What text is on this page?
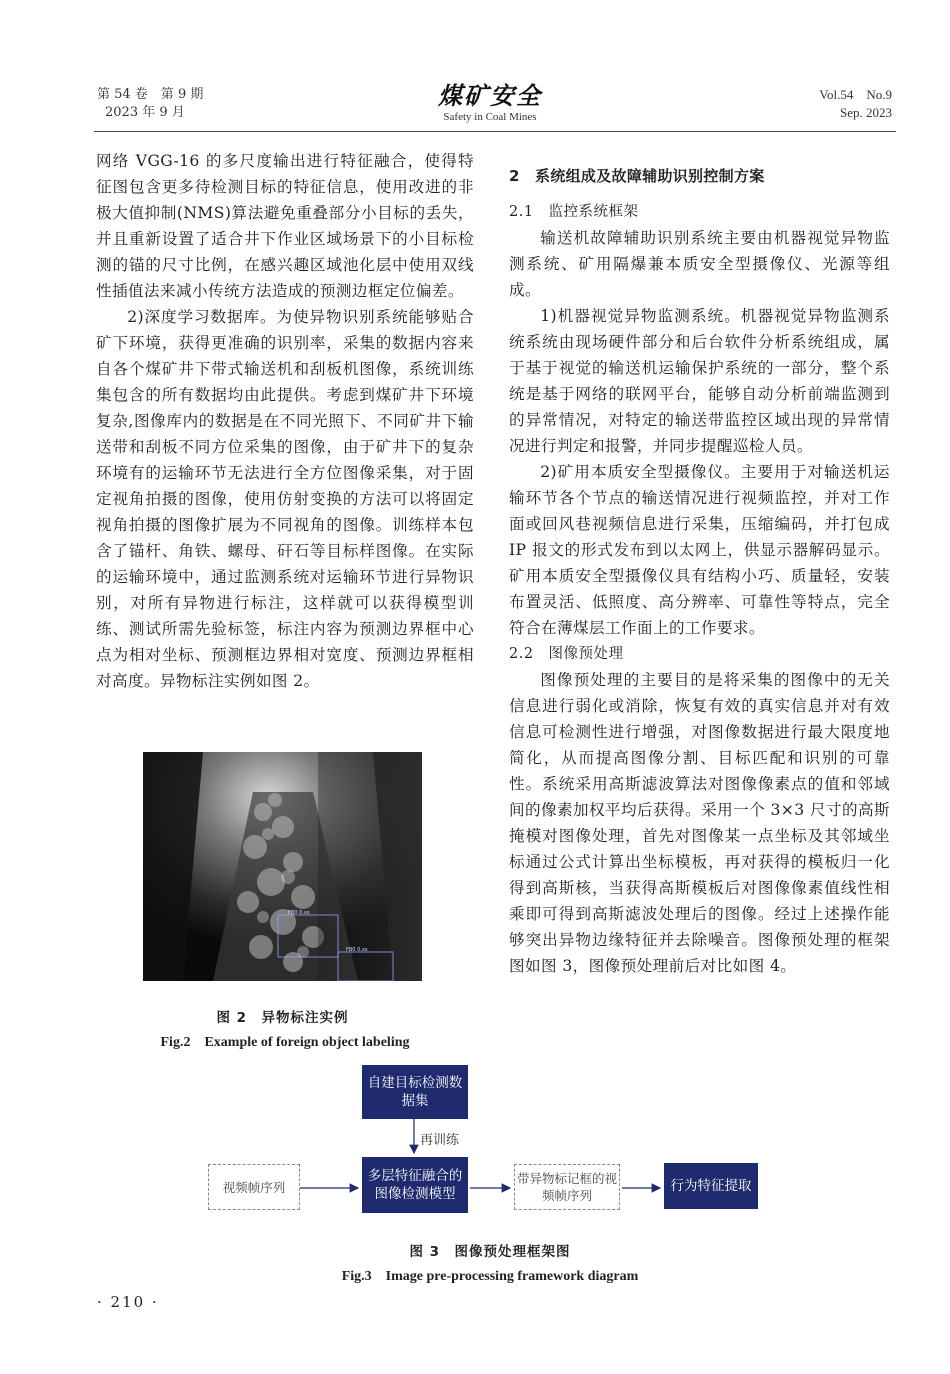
第 54 卷　第 9 期
2023 年 9 月
煤矿安全
Safety in Coal Mines
Vol.54　No.9
Sep. 2023

网络 VGG-16 的多尺度输出进行特征融合，使得特征图包含更多待检测目标的特征信息，使用改进的非极大值抑制(NMS)算法避免重叠部分小目标的丢失，并且重新设置了适合井下作业区域场景下的小目标检测的锚的尺寸比例，在感兴趣区域池化层中使用双线性插值法来减小传统方法造成的预测边框定位偏差。

2)深度学习数据库。为使异物识别系统能够贴合矿下环境，获得更准确的识别率，采集的数据内容来自各个煤矿井下带式输送机和刮板机图像，系统训练集包含的所有数据均由此提供。考虑到煤矿井下环境复杂,图像库内的数据是在不同光照下、不同矿井下输送带和刮板不同方位采集的图像，由于矿井下的复杂环境有的运输环节无法进行全方位图像采集，对于固定视角拍摄的图像，使用仿射变换的方法可以将固定视角拍摄的图像扩展为不同视角的图像。训练样本包含了锚杆、角铁、螺母、矸石等目标样图像。在实际的运输环境中，通过监测系统对运输环节进行异物识别，对所有异物进行标注，这样就可以获得模型训练、测试所需先验标签，标注内容为预测边界框中心点为相对坐标、预测框边界相对宽度、预测边界框相对高度。异物标注实例如图 2。

FB0 0.xx
FB0 0.xx
图 2　异物标注实例
Fig.2　Example of foreign object labeling

2　系统组成及故障辅助识别控制方案

2.1　监控系统框架

输送机故障辅助识别系统主要由机器视觉异物监测系统、矿用隔爆兼本质安全型摄像仪、光源等组成。

1)机器视觉异物监测系统。机器视觉异物监测系统系统由现场硬件部分和后台软件分析系统组成，属于基于视觉的输送机运输保护系统的一部分，整个系统是基于网络的联网平台，能够自动分析前端监测到的异常情况，对特定的输送带监控区域出现的异常情况进行判定和报警，并同步提醒巡检人员。

2)矿用本质安全型摄像仪。主要用于对输送机运输环节各个节点的输送情况进行视频监控，并对工作面或回风巷视频信息进行采集，压缩编码，并打包成 IP 报文的形式发布到以太网上，供显示器解码显示。矿用本质安全型摄像仪具有结构小巧、质量轻，安装布置灵活、低照度、高分辨率、可靠性等特点，完全符合在薄煤层工作面上的工作要求。

2.2　图像预处理

图像预处理的主要目的是将采集的图像中的无关信息进行弱化或消除，恢复有效的真实信息并对有效信息可检测性进行增强，对图像数据进行最大限度地简化，从而提高图像分割、目标匹配和识别的可靠性。系统采用高斯滤波算法对图像像素点的值和邻域间的像素加权平均后获得。采用一个 3×3 尺寸的高斯掩模对图像处理，首先对图像某一点坐标及其邻域坐标通过公式计算出坐标模板，再对获得的模板归一化得到高斯核，当获得高斯模板后对图像像素值线性相乘即可得到高斯滤波处理后的图像。经过上述操作能够突出异物边缘特征并去除噪音。图像预处理的框架图如图 3，图像预处理前后对比如图 4。

自建目标检测数据集
再训练
视频帧序列
多层特征融合的图像检测模型
带异物标记框的视频帧序列
行为特征提取
图 3　图像预处理框架图
Fig.3　Image pre-processing framework diagram
· 210 ·
